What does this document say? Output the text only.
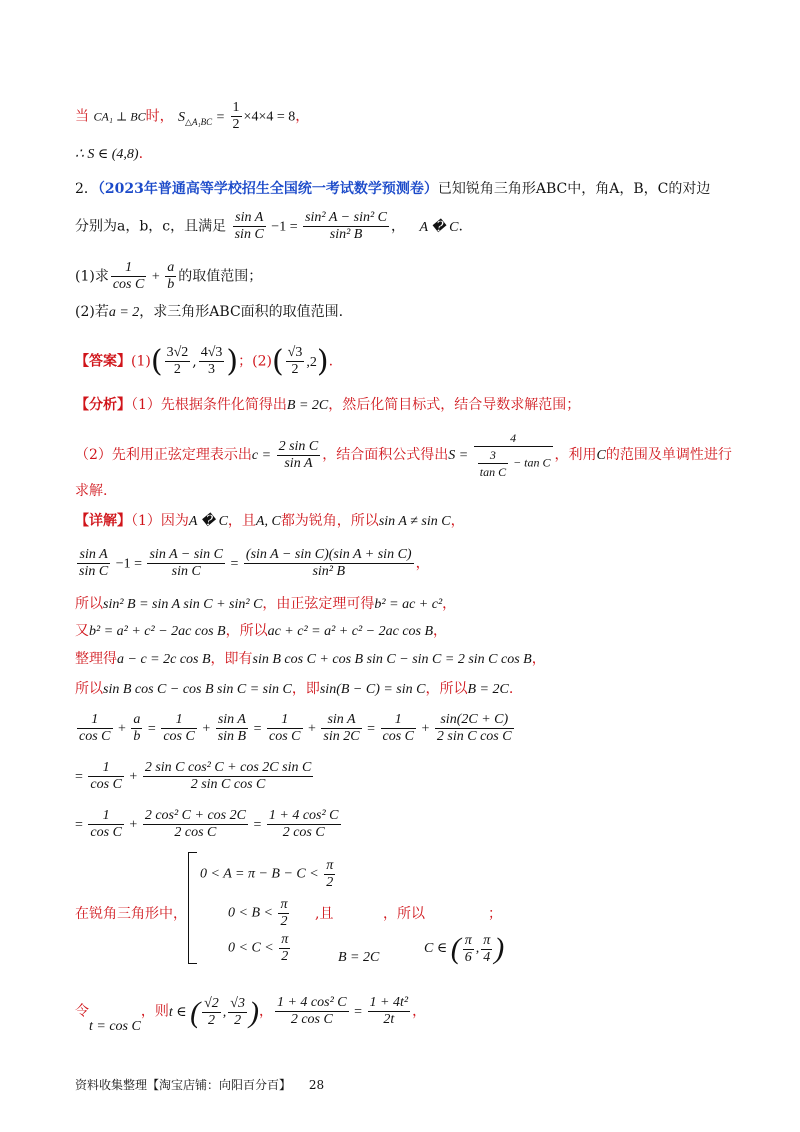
当 CA₁ ⊥ BC时， $S_{\triangle A_1BC} = \frac{1}{2} \times 4\times 4 = 8$，
∴ S ∈ (4,8).
2．（2023年普通高等学校招生全国统一考试数学预测卷）已知锐角三角形ABC中，角A，B，C的对边
分别为a，b，c，且满足 $\frac{\text{sin A}}{\text{sin C}} -1 = \frac{\text{sin² A − sin² C}}{\text{sin² B}}$ ， A � C.
(1)求 $\frac{1}{\text{cos C}} + \frac{a}{b}$ 的取值范围；
(2)若a = 2，求三角形ABC面积的取值范围.
【答案】$(1)( \frac{3√2}{2}$ , $\frac{4√3}{3}$ )；$(2)( \frac{√3}{2} ,2)$.
【分析】（1）先根据条件化简得出B = 2C，然后化简目标式，结合导数求解范围；
（2）先利用正弦定理表示出$c = \frac{\text{2 sin C}}{\text{sin A}}$ ，结合面积公式得出$S = \frac{4}{\frac{3}{\text{tan C}} - \tan C}$ ，利用C的范围及单调性进行
求解.
【详解】（1）因为A � C，且A, C都为锐角，所以sin A ≠ sin C，
$\frac{\text{sin A}}{\text{sin C}} -1 = \frac{\text{sin A − sin C}}{\text{sin C}} = \frac{\text{(sin A − sin C)(sin A + sin C)}}{\text{sin² B}}$ ，
所以sin² B = sin A sin C + sin² C，由正弦定理可得b² = ac + c²，
又b² = a² + c² − 2ac cos B，所以ac + c² = a² + c² − 2ac cos B，
整理得a − c = 2c cos B，即有sin B cos C + cos B sin C − sin C = 2 sin C cos B，
所以sin B cos C − cos B sin C = sin C，即sin(B − C) = sin C，所以B = 2C.
$\frac{1}{\text{cos C}} + \frac{a}{b} = \frac{1}{\text{cos C}} + \frac{\text{sin A}}{\text{sin B}} = \frac{1}{\text{cos C}} + \frac{\text{sin A}}{\sin 2C} = \frac{1}{\text{cos C}} + \frac{\sin(2C + C)}{\text{2 sin C cos C}}$
= $\frac{1}{\text{cos C}} + \frac{\text{2 sin C cos² C + cos 2C sin C}}{\text{2 sin C cos C}}$
= $\frac{1}{\text{cos C}} + \frac{\text{2 cos² C + cos 2C}}{\text{2 cos C}} = \frac{\text{1 + 4 cos² C}}{\text{2 cos C}}$
在锐角三角形中，
$0 < A = \pi - B - C < \frac{\pi}{2}$
$0 < B < \frac{\pi}{2}$
$0 < C < \frac{\pi}{2}$
,且
B = 2C
，所以
C ∈ ( $\frac{\pi}{6}$ , $\frac{\pi}{4}$ )
；
令t = cos C，则t ∈ ( $\frac{√2}{2}$ , $\frac{√3}{2}$ )， $\frac{\text{1 + 4 cos² C}}{\text{2 cos C}} = \frac{\text{1 + 4t²}}{2t}$ ，
资料收集整理【淘宝店铺：向阳百分百】 28
